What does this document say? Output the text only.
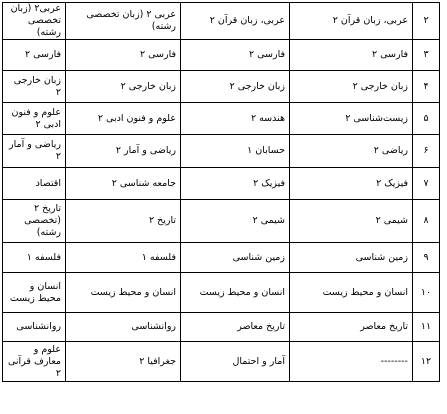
۲	عربی، زبان قرآن ۲	عربی، زبان قرآن ۲	عربی ۲ (زبان تخصصی رشته)	عربی۲ (زبان تخصصی رشته)
۳	فارسی ۲	فارسی ۲	فارسی ۲	فارسی ۲
۴	زبان خارجی ۲	زبان خارجی ۲	زبان خارجی ۲	زبان خارجی ۲
۵	زیست‌شناسی ۲	هندسه ۲	علوم و فنون ادبی ۲	علوم و فنون ادبی ۲
۶	ریاضی ۲	حسابان ۱	ریاضی و آمار ۲	ریاضی و آمار ۲
۷	فیزیک ۲	فیزیک ۲	جامعه شناسی ۲	اقتصاد
۸	شیمی ۲	شیمی ۲	تاریخ ۲	تاریخ ۲ (تخصصی رشته)
۹	زمین شناسی	زمین شناسی	فلسفه ۱	فلسفه ۱
۱۰	انسان و محیط زیست	انسان و محیط زیست	انسان و محیط زیست	انسان و محیط زیست
۱۱	تاریخ معاصر	تاریخ معاصر	روانشناسی	روانشناسی
۱۲	--------	آمار و احتمال	جغرافیا ۲	علوم و معارف قرآنی ۲
